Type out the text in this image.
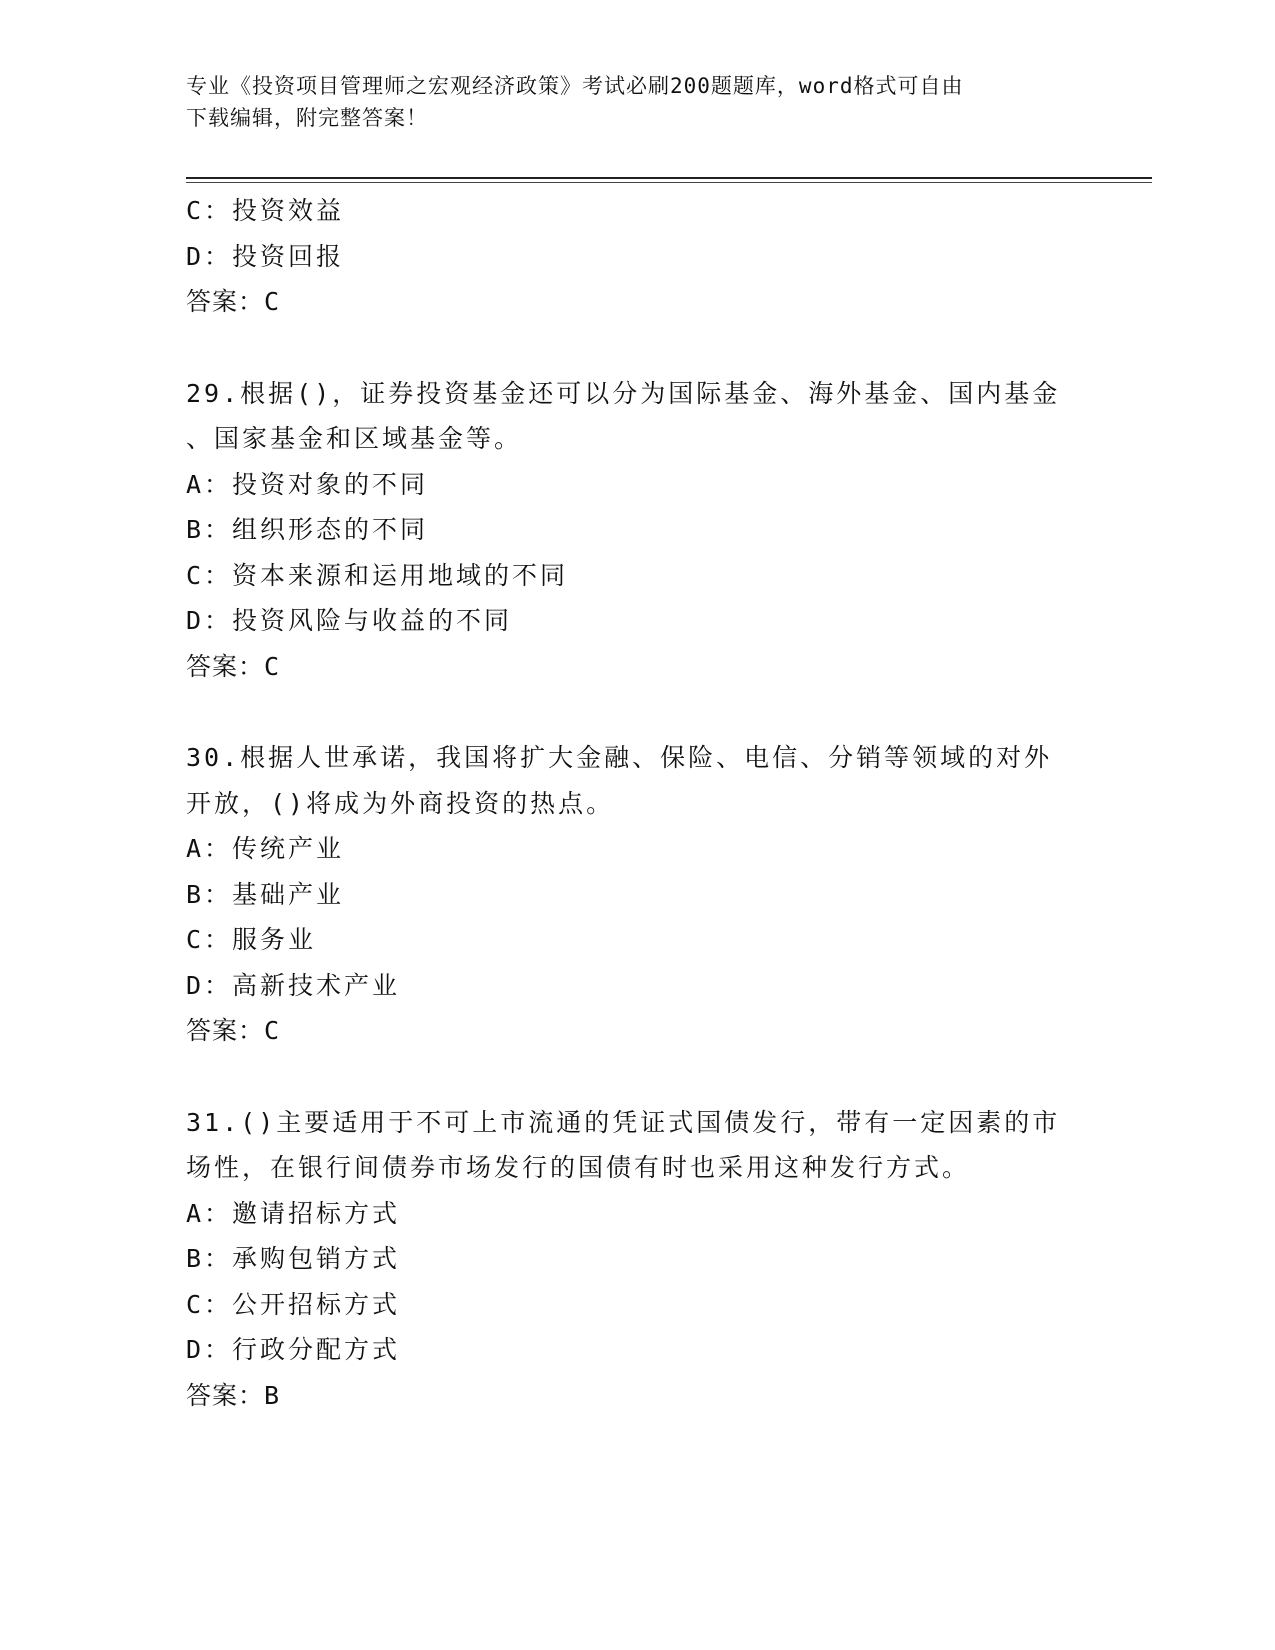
专业《投资项目管理师之宏观经济政策》考试必刷200题题库，word格式可自由
下载编辑，附完整答案！
C：投资效益
D：投资回报
答案：C
29.根据()，证券投资基金还可以分为国际基金、海外基金、国内基金
、国家基金和区域基金等。
A：投资对象的不同
B：组织形态的不同
C：资本来源和运用地域的不同
D：投资风险与收益的不同
答案：C
30.根据人世承诺，我国将扩大金融、保险、电信、分销等领域的对外
开放，()将成为外商投资的热点。
A：传统产业
B：基础产业
C：服务业
D：高新技术产业
答案：C
31.()主要适用于不可上市流通的凭证式国债发行，带有一定因素的市
场性，在银行间债券市场发行的国债有时也采用这种发行方式。
A：邀请招标方式
B：承购包销方式
C：公开招标方式
D：行政分配方式
答案：B
